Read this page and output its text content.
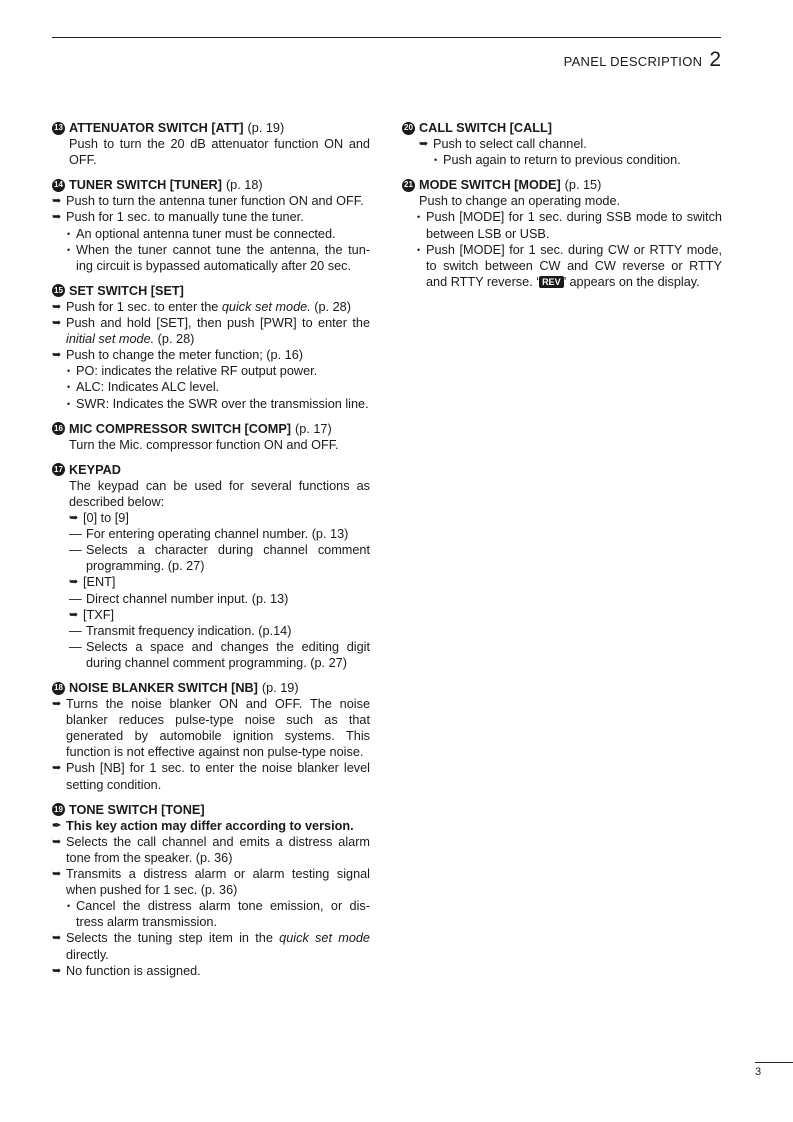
PANEL DESCRIPTION 2
13 ATTENUATOR SWITCH [ATT] (p. 19)
Push to turn the 20 dB attenuator function ON and OFF.
14 TUNER SWITCH [TUNER] (p. 18)
➥ Push to turn the antenna tuner function ON and OFF.
➥ Push for 1 sec. to manually tune the tuner.
• An optional antenna tuner must be connected.
• When the tuner cannot tune the antenna, the tun-ing circuit is bypassed automatically after 20 sec.
15 SET SWITCH [SET]
➥ Push for 1 sec. to enter the quick set mode. (p. 28)
➥ Push and hold [SET], then push [PWR] to enter the initial set mode. (p. 28)
➥ Push to change the meter function; (p. 16)
• PO: indicates the relative RF output power.
• ALC: Indicates ALC level.
• SWR: Indicates the SWR over the transmission line.
16 MIC COMPRESSOR SWITCH [COMP] (p. 17)
Turn the Mic. compressor function ON and OFF.
17 KEYPAD
The keypad can be used for several functions as described below:
➥ [0] to [9]
— For entering operating channel number. (p. 13)
— Selects a character during channel comment programming. (p. 27)
➥ [ENT]
— Direct channel number input. (p. 13)
➥ [TXF]
— Transmit frequency indication. (p.14)
— Selects a space and changes the editing digit during channel comment programming. (p. 27)
18 NOISE BLANKER SWITCH [NB] (p. 19)
➥ Turns the noise blanker ON and OFF. The noise blanker reduces pulse-type noise such as that generated by automobile ignition systems. This function is not effective against non pulse-type noise.
➥ Push [NB] for 1 sec. to enter the noise blanker level setting condition.
19 TONE SWITCH [TONE]
✒ This key action may differ according to version.
➥ Selects the call channel and emits a distress alarm tone from the speaker. (p. 36)
➥ Transmits a distress alarm or alarm testing signal when pushed for 1 sec. (p. 36)
• Cancel the distress alarm tone emission, or dis-tress alarm transmission.
➥ Selects the tuning step item in the quick set mode directly.
➥ No function is assigned.
20 CALL SWITCH [CALL]
➥ Push to select call channel.
• Push again to return to previous condition.
21 MODE SWITCH [MODE] (p. 15)
Push to change an operating mode.
• Push [MODE] for 1 sec. during SSB mode to switch between LSB or USB.
• Push [MODE] for 1 sec. during CW or RTTY mode, to switch between CW and CW reverse or RTTY and RTTY reverse. ‘ REV ’ appears on the display.
3
